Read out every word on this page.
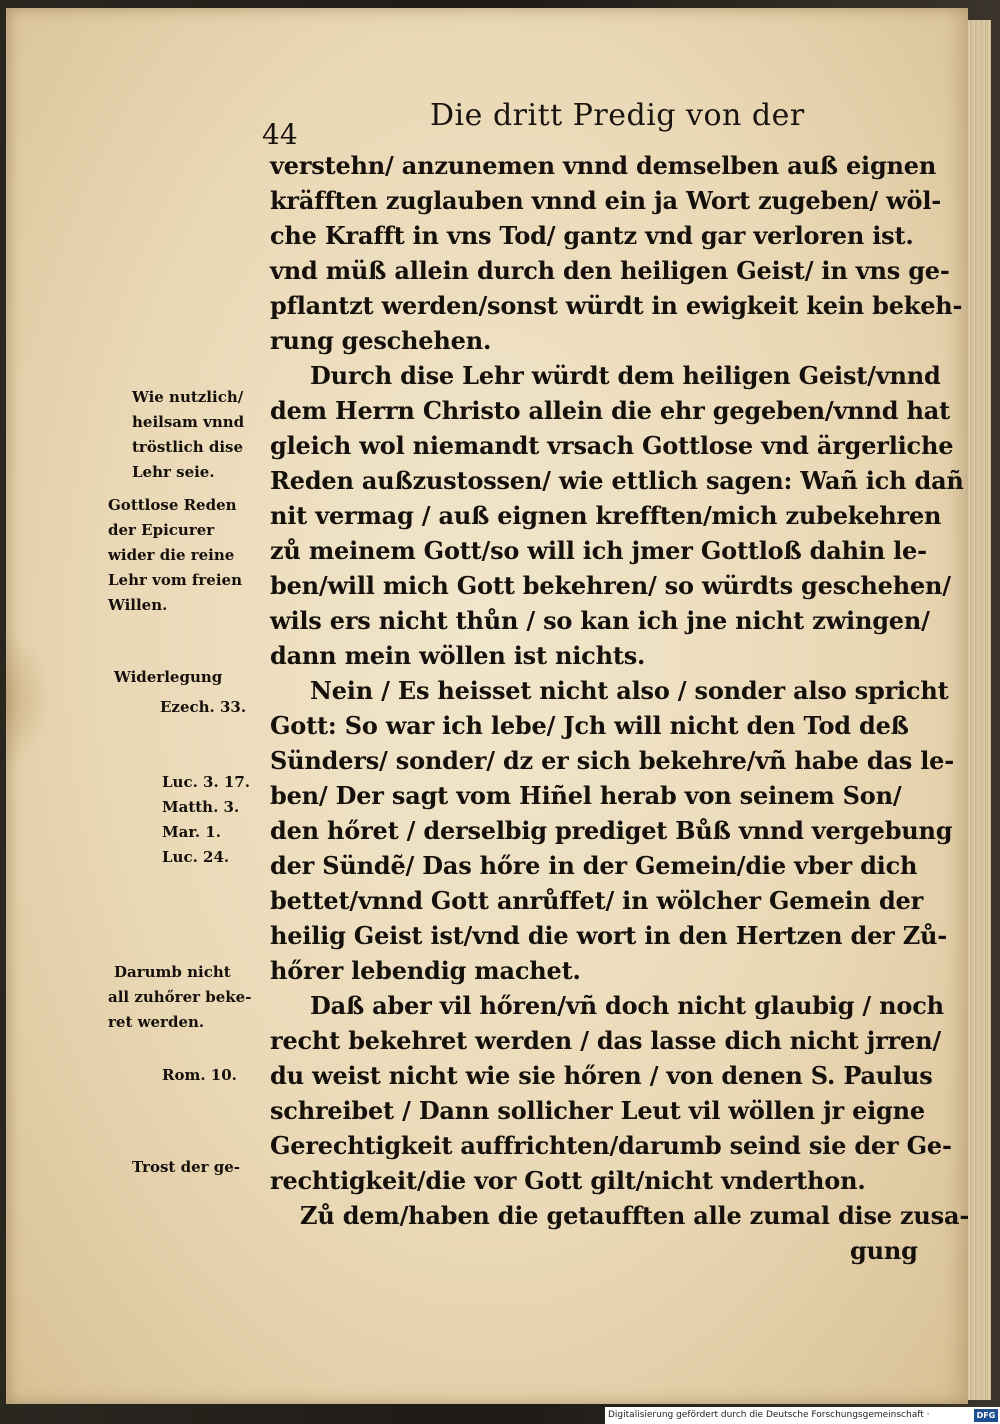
Die dritt Predig von der
44
verstehn/ anzunemen vnnd demselben auß eignen
kräfften zuglauben vnnd ein ja Wort zugeben/ wöl-
che Krafft in vns Tod/ gantz vnd gar verloren ist.
vnd müß allein durch den heiligen Geist/ in vns ge-
pflantzt werden/sonst würdt in ewigkeit kein bekeh-
rung geschehen.
Durch dise Lehr würdt dem heiligen Geist/vnnd
dem Herrn Christo allein die ehr gegeben/vnnd hat
gleich wol niemandt vrsach Gottlose vnd ärgerliche
Reden außzustossen/ wie ettlich sagen: Wañ ich dañ
nit vermag / auß eignen krefften/mich zubekehren
zů meinem Gott/so will ich jmer Gottloß dahin le-
ben/will mich Gott bekehren/ so würdts geschehen/
wils ers nicht thůn / so kan ich jne nicht zwingen/
dann mein wöllen ist nichts.
Nein / Es heisset nicht also / sonder also spricht
Gott: So war ich lebe/ Jch will nicht den Tod deß
Sünders/ sonder/ dz er sich bekehre/vñ habe das le-
ben/ Der sagt vom Hiñel herab von seinem Son/
den hőret / derselbig prediget Bůß vnnd vergebung
der Sündẽ/ Das hőre in der Gemein/die vber dich
bettet/vnnd Gott anrůffet/ in wölcher Gemein der
heilig Geist ist/vnd die wort in den Hertzen der Zů-
hőrer lebendig machet.
Daß aber vil hőren/vñ doch nicht glaubig / noch
recht bekehret werden / das lasse dich nicht jrren/
du weist nicht wie sie hőren / von denen S. Paulus
schreibet / Dann sollicher Leut vil wöllen jr eigne
Gerechtigkeit auffrichten/darumb seind sie der Ge-
rechtigkeit/die vor Gott gilt/nicht vnderthon.
Zů dem/haben die getaufften alle zumal dise zusa-
gung
Wie nutzlich/
heilsam vnnd
tröstlich dise
Lehr seie.
Gottlose Reden
der Epicurer
wider die reine
Lehr vom freien
Willen.
Widerlegung
Ezech. 33.
Luc. 3. 17.
Matth. 3.
Mar. 1.
Luc. 24.
Darumb nicht
all zuhőrer beke-
ret werden.
Rom. 10.
Trost der ge-
Digitalisierung gefördert durch die Deutsche Forschungsgemeinschaft ·	DFG
